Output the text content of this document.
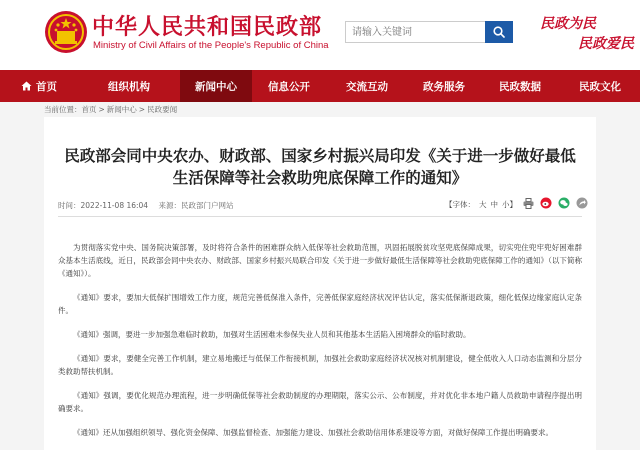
中华人民共和国民政部
Ministry of Civil Affairs of the People's Republic of China
请输入关键词
民政为民
民政爱民
首页	组织机构	新闻中心	信息公开	交流互动	政务服务	民政数据	民政文化
当前位置： 首页 > 新闻中心 > 民政要闻
民政部会同中央农办、财政部、国家乡村振兴局印发《关于进一步做好最低生活保障等社会救助兜底保障工作的通知》
时间：2022-11-08 16:04 来源：民政部门户网站	【字体： 大 中 小 】

为贯彻落实党中央、国务院决策部署，及时将符合条件的困难群众纳入低保等社会救助范围，巩固拓展脱贫攻坚兜底保障成果，切实兜住兜牢兜好困难群众基本生活底线，近日，民政部会同中央农办、财政部、国家乡村振兴局联合印发《关于进一步做好最低生活保障等社会救助兜底保障工作的通知》（以下简称《通知》）。

《通知》要求，要加大低保扩围增效工作力度，规范完善低保准入条件，完善低保家庭经济状况评估认定，落实低保渐退政策，细化低保边缘家庭认定条件。

《通知》强调，要进一步加强急难临时救助，加强对生活困难未参保失业人员和其他基本生活陷入困境群众的临时救助。

《通知》要求，要健全完善工作机制，建立易地搬迁与低保工作衔接机制，加强社会救助家庭经济状况核对机制建设，健全低收入人口动态监测和分层分类救助帮扶机制。

《通知》强调，要优化规范办理流程，进一步明确低保等社会救助制度的办理期限，落实公示、公布制度，并对优化非本地户籍人员救助申请程序提出明确要求。

《通知》还从加强组织领导、强化资金保障、加强监督检查、加强能力建设、加强社会救助信用体系建设等方面，对做好保障工作提出明确要求。
